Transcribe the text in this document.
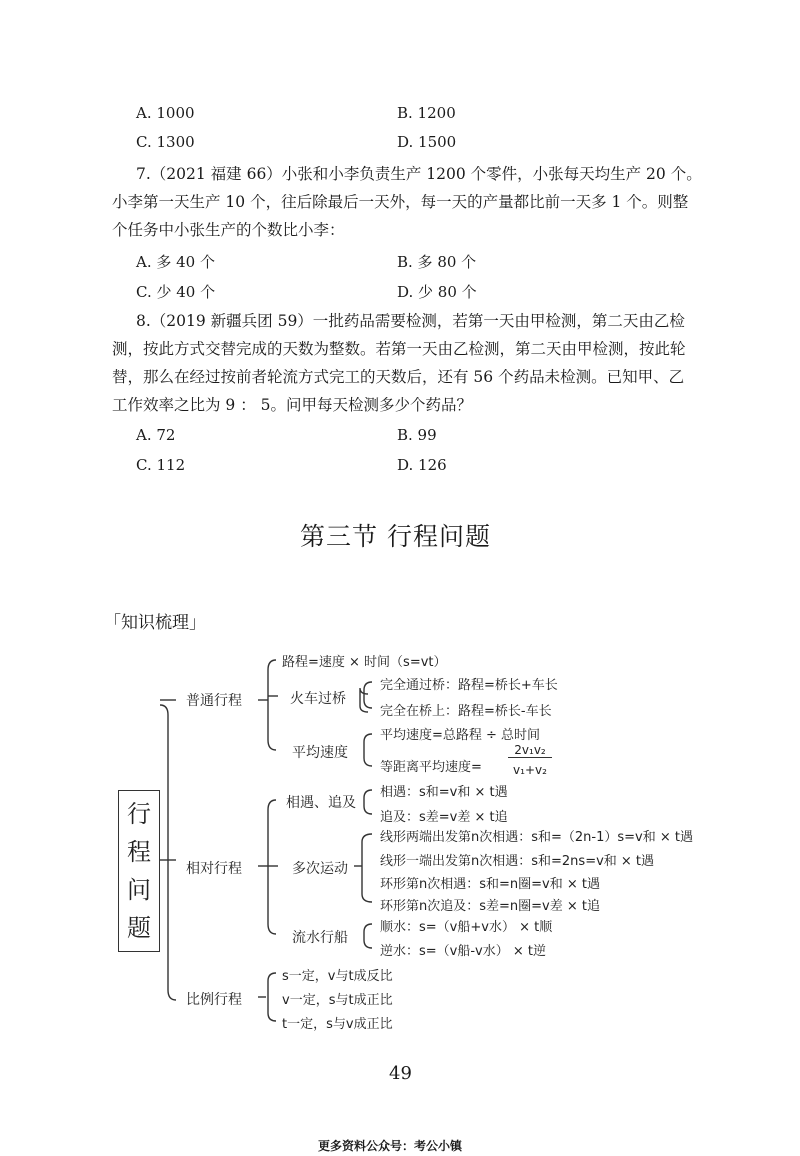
A. 1000	B. 1200
C. 1300	D. 1500
7.（2021 福建 66）小张和小李负责生产 1200 个零件，小张每天均生产 20 个。
小李第一天生产 10 个，往后除最后一天外，每一天的产量都比前一天多 1 个。则整
个任务中小张生产的个数比小李：
A. 多 40 个	B. 多 80 个
C. 少 40 个	D. 少 80 个
8.（2019 新疆兵团 59）一批药品需要检测，若第一天由甲检测，第二天由乙检
测，按此方式交替完成的天数为整数。若第一天由乙检测，第二天由甲检测，按此轮
替，那么在经过按前者轮流方式完工的天数后，还有 56 个药品未检测。已知甲、乙
工作效率之比为 9 ： 5。问甲每天检测多少个药品？
A. 72	B. 99
C. 112	D. 126
第三节 行程问题
「知识梳理」
行
程
问
题
普通行程
路程=速度 × 时间（s=vt）
火车过桥
完全通过桥：路程=桥长+车长
完全在桥上：路程=桥长-车长
平均速度
平均速度=总路程 ÷ 总时间
等距离平均速度=
2v₁v₂
v₁+v₂
相对行程
相遇、追及
相遇：s和=v和 × t遇
追及：s差=v差 × t追
多次运动
线形两端出发第n次相遇：s和=（2n-1）s=v和 × t遇
线形一端出发第n次相遇：s和=2ns=v和 × t遇
环形第n次相遇：s和=n圈=v和 × t遇
环形第n次追及：s差=n圈=v差 × t追
流水行船
顺水：s=（v船+v水） × t顺
逆水：s=（v船-v水） × t逆
比例行程
s一定，v与t成反比
v一定，s与t成正比
t一定，s与v成正比
49
更多资料公众号：考公小镇
